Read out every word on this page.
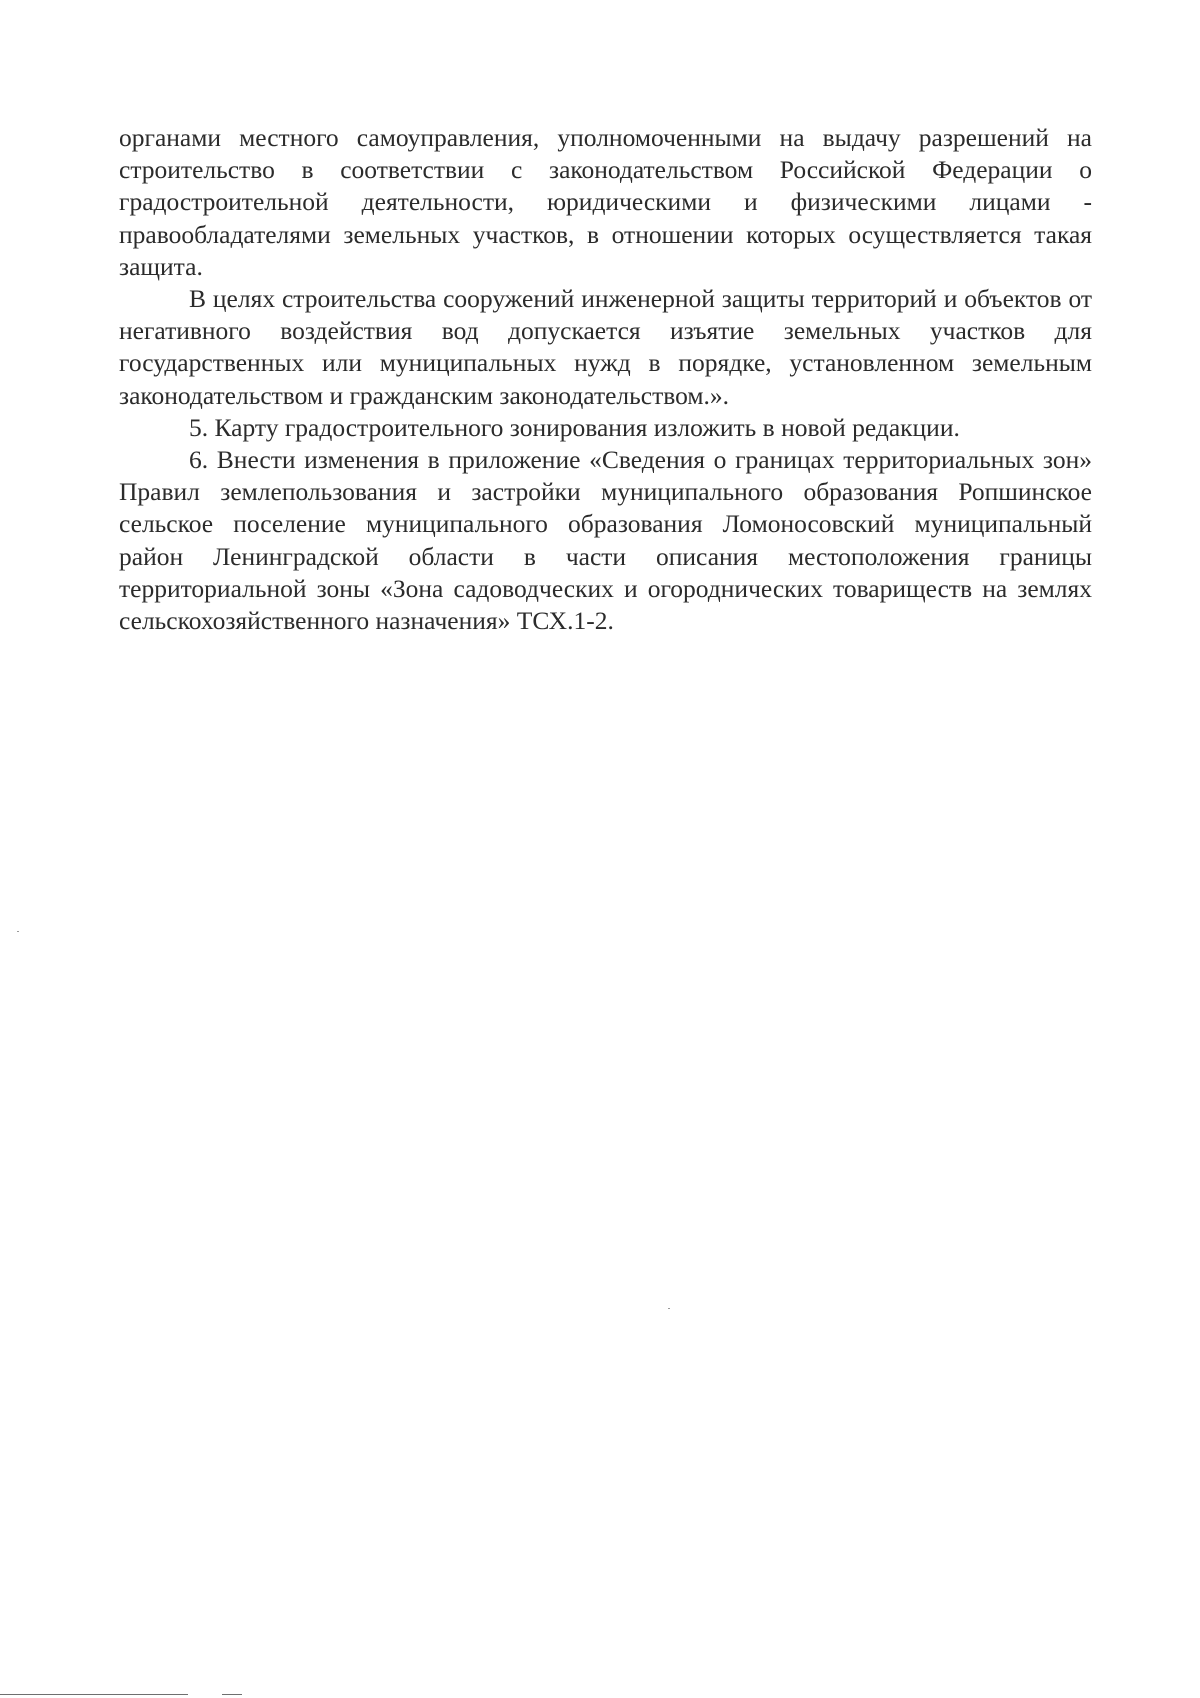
органами местного самоуправления, уполномоченными на выдачу разрешений на строительство в соответствии с законодательством Российской Федерации о градостроительной деятельности, юридическими и физическими лицами - правообладателями земельных участков, в отношении которых осуществляется такая защита.

В целях строительства сооружений инженерной защиты территорий и объектов от негативного воздействия вод допускается изъятие земельных участков для государственных или муниципальных нужд в порядке, установленном земельным законодательством и гражданским законодательством.».

5. Карту градостроительного зонирования изложить в новой редакции.

6. Внести изменения в приложение «Сведения о границах территориальных зон» Правил землепользования и застройки муниципального образования Ропшинское сельское поселение муниципального образования Ломоносовский муниципальный район Ленинградской области в части описания местоположения границы территориальной зоны «Зона садоводческих и огороднических товариществ на землях сельскохозяйственного назначения» ТСХ.1-2.
